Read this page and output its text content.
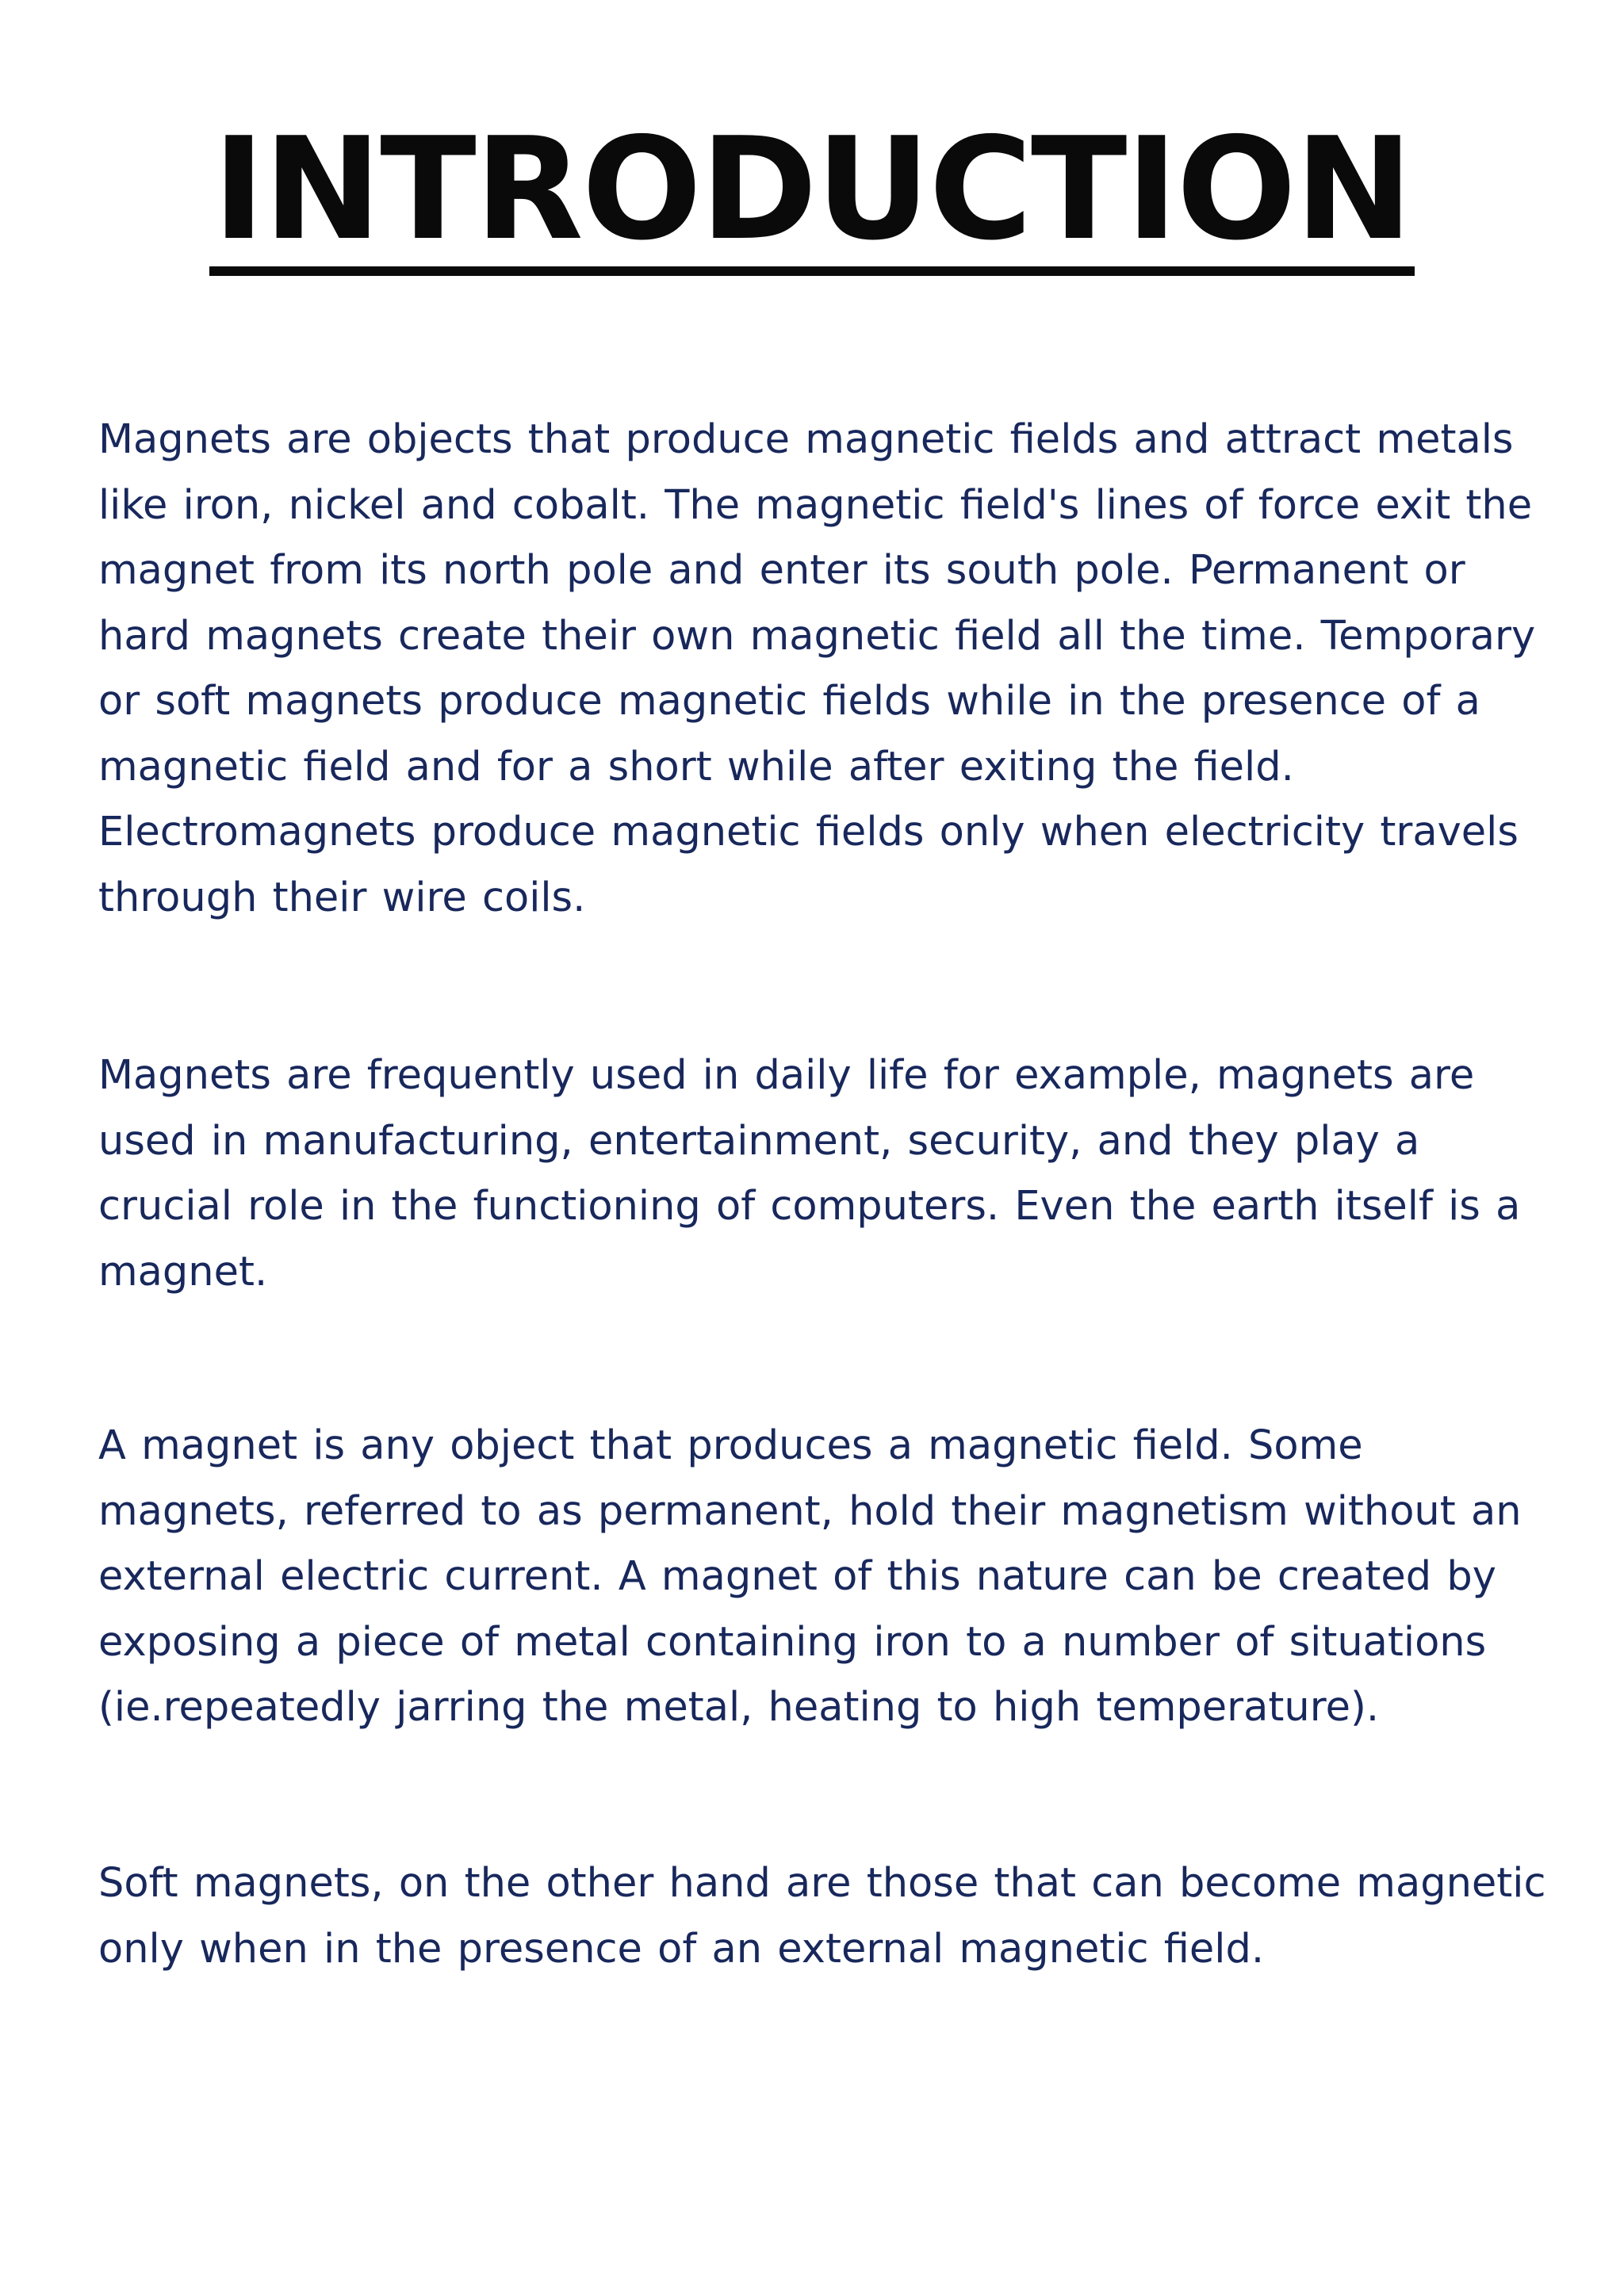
INTRODUCTION

Magnets are objects that produce magnetic fields and attract metals like iron, nickel and cobalt. The magnetic field's lines of force exit the magnet from its north pole and enter its south pole. Permanent or hard magnets create their own magnetic field all the time. Temporary or soft magnets produce magnetic fields while in the presence of a magnetic field and for a short while after exiting the field. Electromagnets produce magnetic fields only when electricity travels through their wire coils.

Magnets are frequently used in daily life for example, magnets are used in manufacturing, entertainment, security, and they play a crucial role in the functioning of computers. Even the earth itself is a magnet.

A magnet is any object that produces a magnetic field. Some magnets, referred to as permanent, hold their magnetism without an external electric current. A magnet of this nature can be created by exposing a piece of metal containing iron to a number of situations (ie.repeatedly jarring the metal, heating to high temperature).

Soft magnets, on the other hand are those that can become magnetic only when in the presence of an external magnetic field.
